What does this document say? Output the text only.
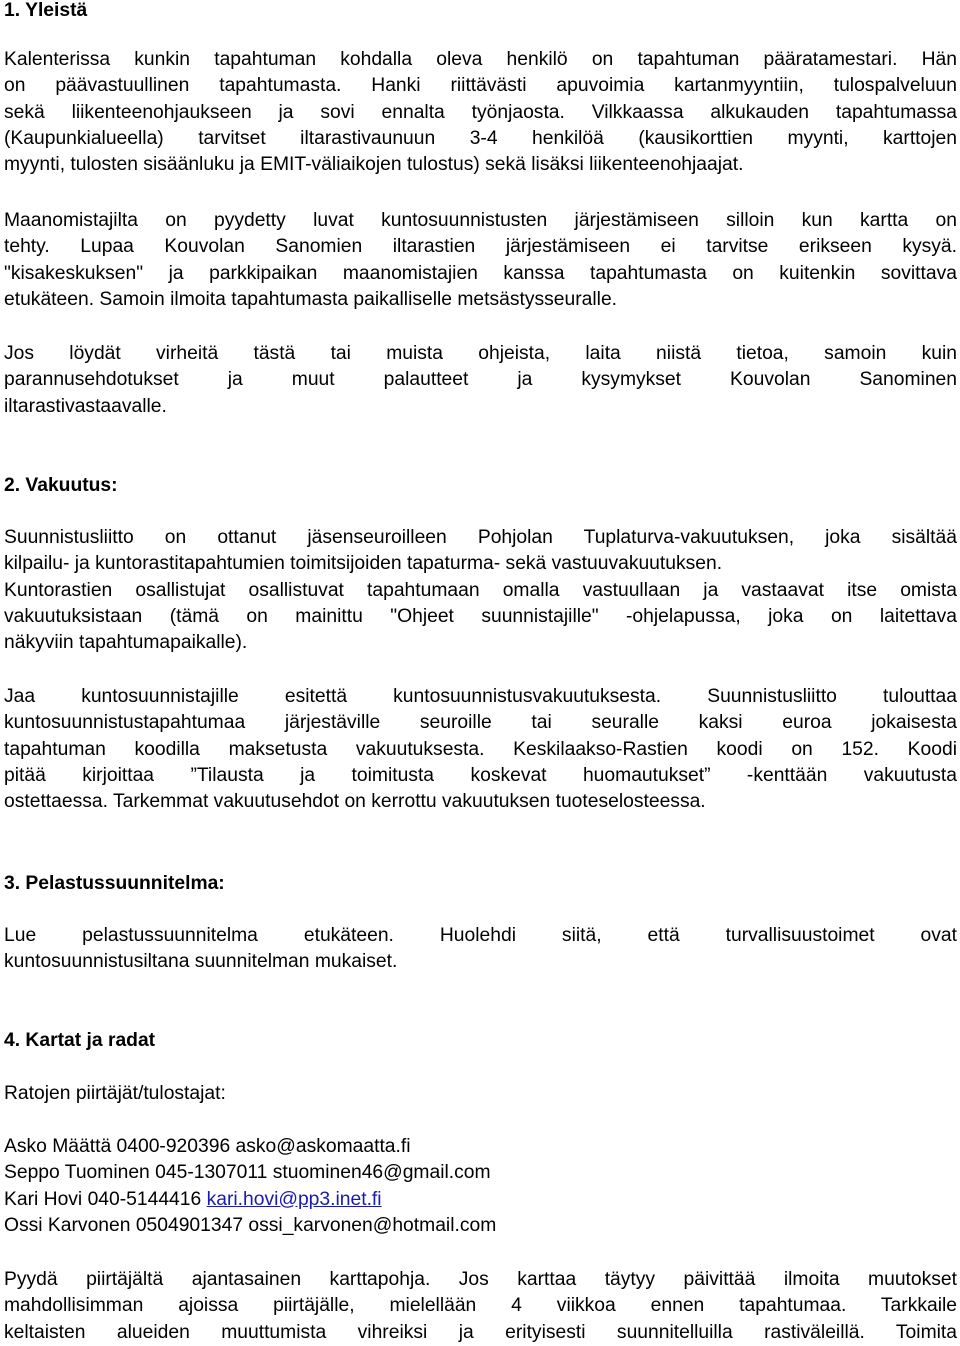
1. Yleistä
Kalenterissa kunkin tapahtuman kohdalla oleva henkilö on tapahtuman pääratamestari. Hän
on päävastuullinen tapahtumasta. Hanki riittävästi apuvoimia kartanmyyntiin, tulospalveluun
sekä liikenteenohjaukseen ja sovi ennalta työnjaosta. Vilkkaassa alkukauden tapahtumassa
(Kaupunkialueella) tarvitset iltarastivaunuun 3-4 henkilöä (kausikorttien myynti, karttojen
myynti, tulosten sisäänluku ja EMIT-väliaikojen tulostus) sekä lisäksi liikenteenohjaajat.
Maanomistajilta on pyydetty luvat kuntosuunnistusten järjestämiseen silloin kun kartta on
tehty. Lupaa Kouvolan Sanomien iltarastien järjestämiseen ei tarvitse erikseen kysyä.
"kisakeskuksen" ja parkkipaikan maanomistajien kanssa tapahtumasta on kuitenkin sovittava
etukäteen. Samoin ilmoita tapahtumasta paikalliselle metsästysseuralle.
Jos löydät virheitä tästä tai muista ohjeista, laita niistä tietoa, samoin kuin
parannusehdotukset ja muut palautteet ja kysymykset Kouvolan Sanominen
iltarastivastaavalle.
2. Vakuutus:
Suunnistusliitto on ottanut jäsenseuroilleen Pohjolan Tuplaturva-vakuutuksen, joka sisältää
kilpailu- ja kuntorastitapahtumien toimitsijoiden tapaturma- sekä vastuuvakuutuksen.
Kuntorastien osallistujat osallistuvat tapahtumaan omalla vastuullaan ja vastaavat itse omista
vakuutuksistaan (tämä on mainittu "Ohjeet suunnistajille" -ohjelapussa, joka on laitettava
näkyviin tapahtumapaikalle).
Jaa kuntosuunnistajille esitettä kuntosuunnistusvakuutuksesta. Suunnistusliitto tulouttaa
kuntosuunnistustapahtumaa järjestäville seuroille tai seuralle kaksi euroa jokaisesta
tapahtuman koodilla maksetusta vakuutuksesta. Keskilaakso-Rastien koodi on 152. Koodi
pitää kirjoittaa ”Tilausta ja toimitusta koskevat huomautukset” -kenttään vakuutusta
ostettaessa. Tarkemmat vakuutusehdot on kerrottu vakuutuksen tuoteselosteessa.
3. Pelastussuunnitelma:
Lue pelastussuunnitelma etukäteen. Huolehdi siitä, että turvallisuustoimet ovat
kuntosuunnistusiltana suunnitelman mukaiset.
4. Kartat ja radat
Ratojen piirtäjät/tulostajat:
Asko Määttä 0400-920396 asko@askomaatta.fi
Seppo Tuominen 045-1307011 stuominen46@gmail.com
Kari Hovi 040-5144416 kari.hovi@pp3.inet.fi
Ossi Karvonen 0504901347 ossi_karvonen@hotmail.com
Pyydä piirtäjältä ajantasainen karttapohja. Jos karttaa täytyy päivittää ilmoita muutokset
mahdollisimman ajoissa piirtäjälle, mielellään 4 viikkoa ennen tapahtumaa. Tarkkaile
keltaisten alueiden muuttumista vihreiksi ja erityisesti suunnitelluilla rastiväleillä. Toimita
